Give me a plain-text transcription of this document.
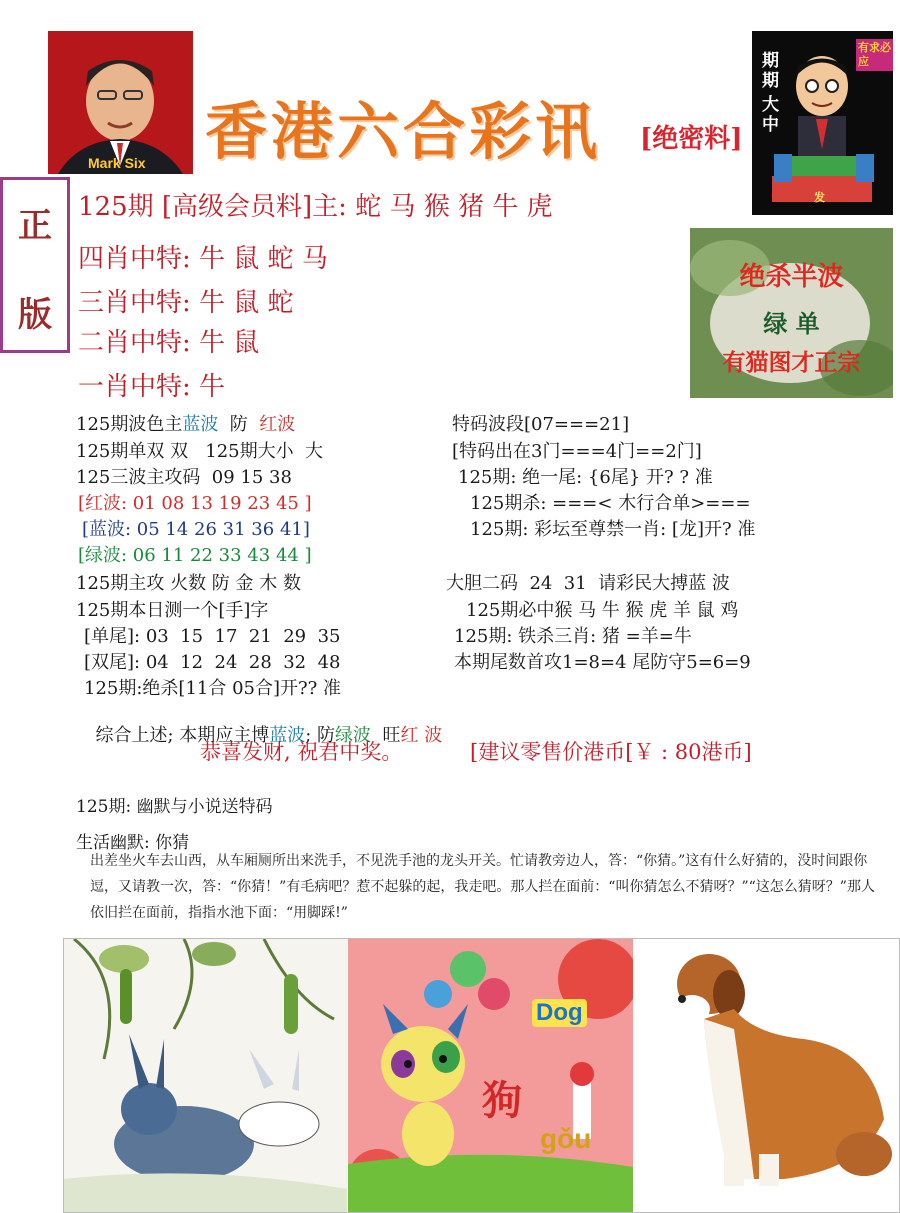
Mark Six 香港六合彩讯 [绝密料]
期期
大中
有求必应
发
正
版
125期 [高级会员料]主: 蛇 马 猴 猪 牛 虎
四肖中特: 牛 鼠 蛇 马
三肖中特: 牛 鼠 蛇
二肖中特: 牛 鼠
一肖中特: 牛
绝杀半波
绿 单
有猫图才正宗
125期波色主蓝波  防  红波
125期单双 双   125期大小  大
125三波主攻码  09 15 38
[红波: 01 08 13 19 23 45 ]
[蓝波: 05 14 26 31 36 41]
[绿波: 06 11 22 33 43 44 ]
125期主攻 火数 防 金 木 数
125期本日测一个[手]字
[单尾]: 03  15  17  21  29  35
[双尾]: 04  12  24  28  32  48
125期:绝杀[11合 05合]开?? 准

综合上述; 本期应主博蓝波; 防绿波  旺红 波

特码波段[07===21]
[特码出在3门===4门==2门]
125期: 绝一尾: {6尾} 开? ? 准
125期杀: ===< 木行合单>===
125期: 彩坛至尊禁一肖: [龙]开? 准
大胆二码  24  31  请彩民大搏蓝 波
125期必中猴 马 牛 猴 虎 羊 鼠 鸡
125期: 铁杀三肖: 猪 =羊=牛
本期尾数首攻1=8=4 尾防守5=6=9
恭喜发财, 祝君中奖。	[建议零售价港币[￥ : 80港币]
125期: 幽默与小说送特码
生活幽默: 你猜
出差坐火车去山西，从车厢厕所出来洗手，不见洗手池的龙头开关。忙请教旁边人，答：“你猜。”这有什么好猜的，没时间跟你逗，又请教一次，答：“你猜！”有毛病吧？惹不起躲的起，我走吧。那人拦在面前：“叫你猜怎么不猜呀？”“这怎么猜呀？”那人依旧拦在面前，指指水池下面：“用脚踩!”
Dog
狗
gǒu
